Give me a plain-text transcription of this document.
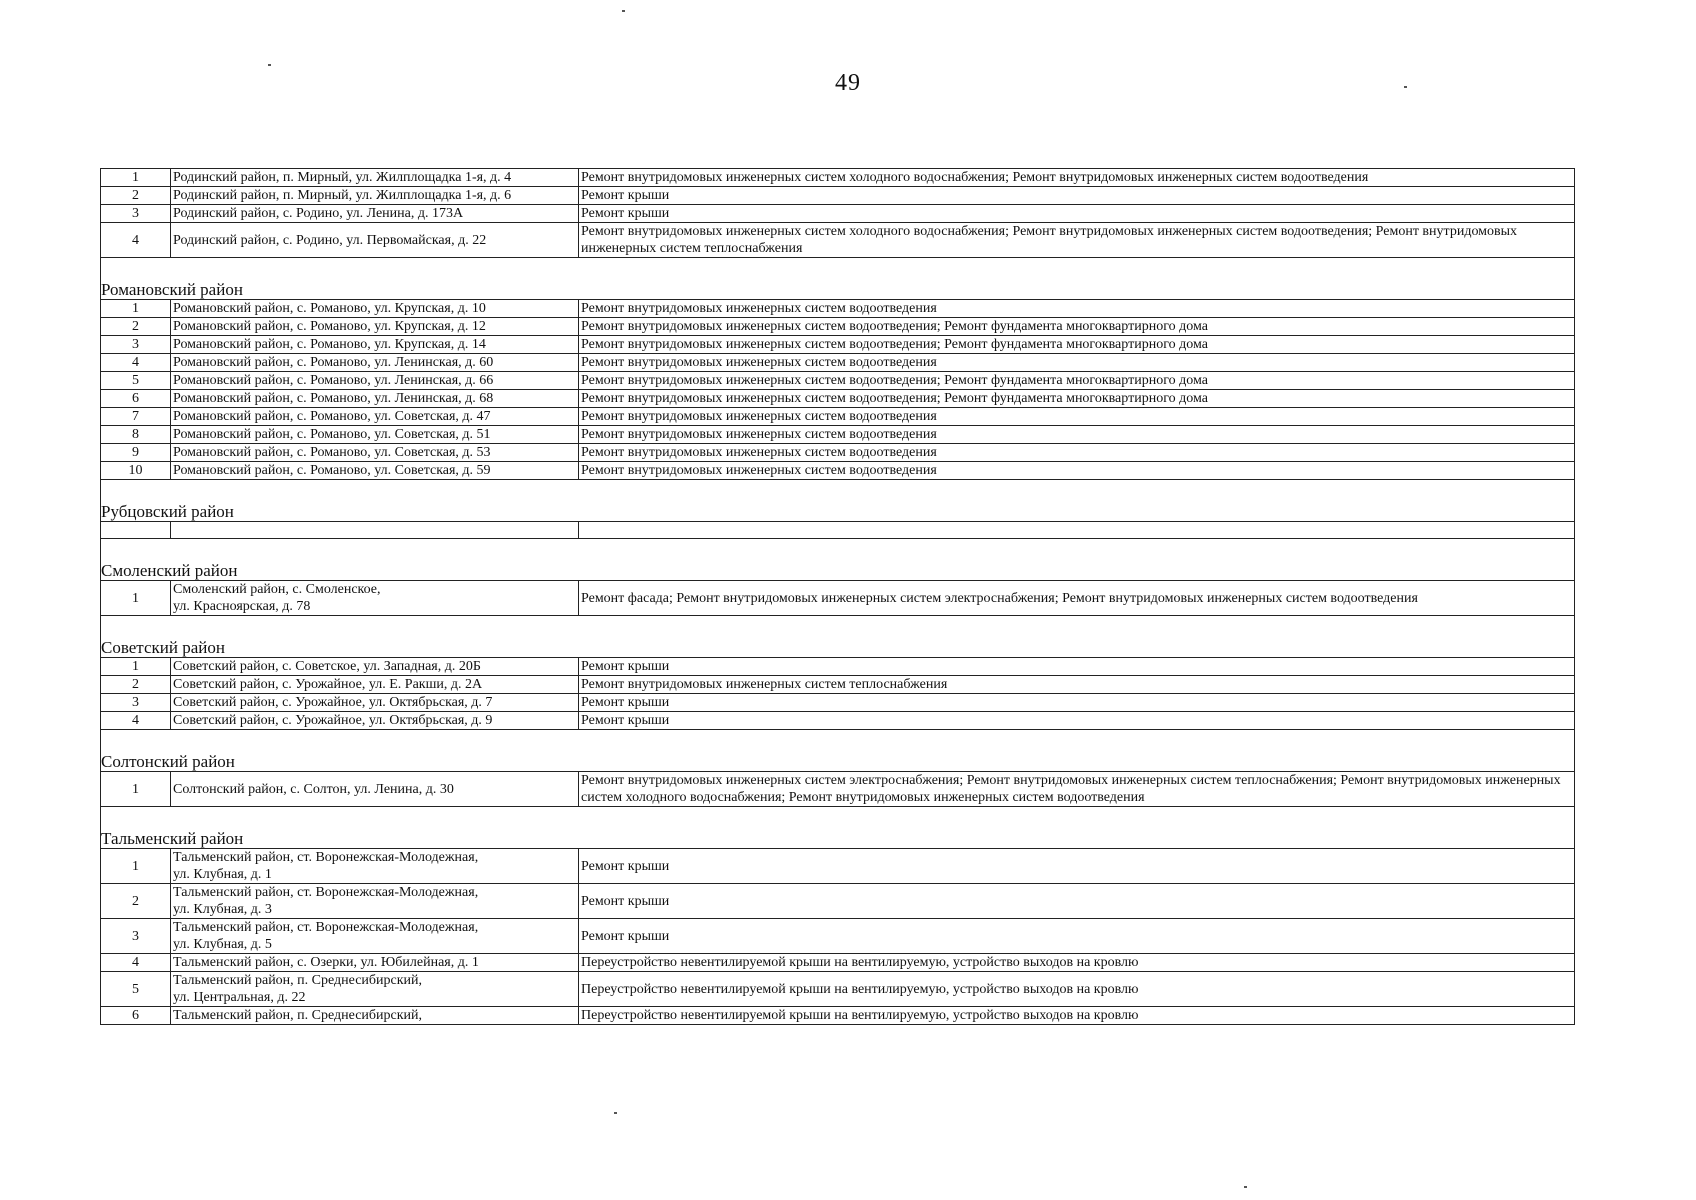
49
1	Родинский район, п. Мирный, ул. Жилплощадка 1-я, д. 4	Ремонт внутридомовых инженерных систем холодного водоснабжения; Ремонт внутридомовых инженерных систем водоотведения
2	Родинский район, п. Мирный, ул. Жилплощадка 1-я, д. 6	Ремонт крыши
3	Родинский район, с. Родино, ул. Ленина, д. 173А	Ремонт крыши
4	Родинский район, с. Родино, ул. Первомайская, д. 22	Ремонт внутридомовых инженерных систем холодного водоснабжения; Ремонт внутридомовых инженерных систем водоотведения; Ремонт внутридомовых инженерных систем теплоснабжения
Романовский район		
1	Романовский район, с. Романово, ул. Крупская, д. 10	Ремонт внутридомовых инженерных систем водоотведения
2	Романовский район, с. Романово, ул. Крупская, д. 12	Ремонт внутридомовых инженерных систем водоотведения; Ремонт фундамента многоквартирного дома
3	Романовский район, с. Романово, ул. Крупская, д. 14	Ремонт внутридомовых инженерных систем водоотведения; Ремонт фундамента многоквартирного дома
4	Романовский район, с. Романово, ул. Ленинская, д. 60	Ремонт внутридомовых инженерных систем водоотведения
5	Романовский район, с. Романово, ул. Ленинская, д. 66	Ремонт внутридомовых инженерных систем водоотведения; Ремонт фундамента многоквартирного дома
6	Романовский район, с. Романово, ул. Ленинская, д. 68	Ремонт внутридомовых инженерных систем водоотведения; Ремонт фундамента многоквартирного дома
7	Романовский район, с. Романово, ул. Советская, д. 47	Ремонт внутридомовых инженерных систем водоотведения
8	Романовский район, с. Романово, ул. Советская, д. 51	Ремонт внутридомовых инженерных систем водоотведения
9	Романовский район, с. Романово, ул. Советская, д. 53	Ремонт внутридомовых инженерных систем водоотведения
10	Романовский район, с. Романово, ул. Советская, д. 59	Ремонт внутридомовых инженерных систем водоотведения
Рубцовский район		

Смоленский район		
1	Смоленский район, с. Смоленское,
ул. Красноярская, д. 78	Ремонт фасада; Ремонт внутридомовых инженерных систем электроснабжения; Ремонт внутридомовых инженерных систем водоотведения
Советский район		
1	Советский район, с. Советское, ул. Западная, д. 20Б	Ремонт крыши
2	Советский район, с. Урожайное, ул. Е. Ракши, д. 2А	Ремонт внутридомовых инженерных систем теплоснабжения
3	Советский район, с. Урожайное, ул. Октябрьская, д. 7	Ремонт крыши
4	Советский район, с. Урожайное, ул. Октябрьская, д. 9	Ремонт крыши
Солтонский район		
1	Солтонский район, с. Солтон, ул. Ленина, д. 30	Ремонт внутридомовых инженерных систем электроснабжения; Ремонт внутридомовых инженерных систем теплоснабжения; Ремонт внутридомовых инженерных систем холодного водоснабжения; Ремонт внутридомовых инженерных систем водоотведения
Тальменский район		
1	Тальменский район, ст. Воронежская-Молодежная,
ул. Клубная, д. 1	Ремонт крыши
2	Тальменский район, ст. Воронежская-Молодежная,
ул. Клубная, д. 3	Ремонт крыши
3	Тальменский район, ст. Воронежская-Молодежная,
ул. Клубная, д. 5	Ремонт крыши
4	Тальменский район, с. Озерки, ул. Юбилейная, д. 1	Переустройство невентилируемой крыши на вентилируемую, устройство выходов на кровлю
5	Тальменский район, п. Среднесибирский,
ул. Центральная, д. 22	Переустройство невентилируемой крыши на вентилируемую, устройство выходов на кровлю
6	Тальменский район, п. Среднесибирский,	Переустройство невентилируемой крыши на вентилируемую, устройство выходов на кровлю
